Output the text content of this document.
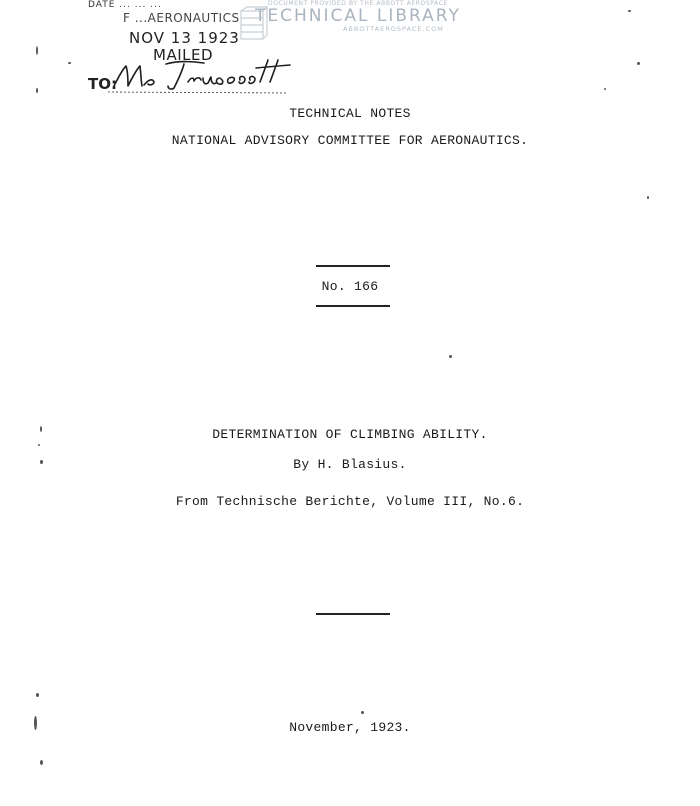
DATE ... ... ...
F ...AERONAUTICS
NOV 13 1923
MAILED
DOCUMENT PROVIDED BY THE ABBOTT AEROSPACE
TECHNICAL LIBRARY
ABBOTTAEROSPACE.COM
TO:
TECHNICAL NOTES
NATIONAL ADVISORY COMMITTEE FOR AERONAUTICS.
No. 166
DETERMINATION OF CLIMBING ABILITY.
By H. Blasius.
From Technische Berichte, Volume III, No.6.
November, 1923.
